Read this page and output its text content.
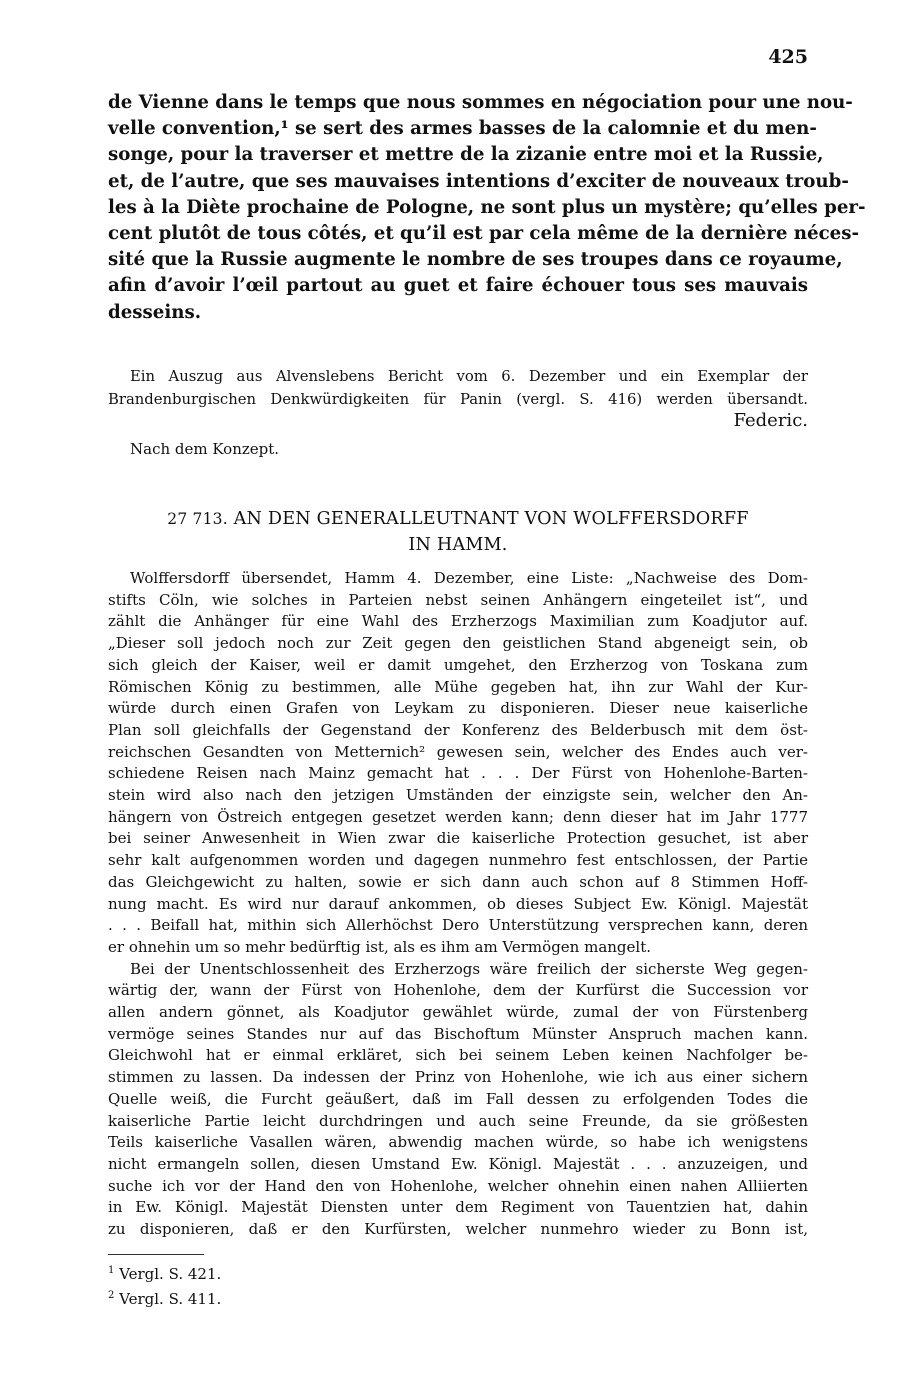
425
de Vienne dans le temps que nous sommes en négociation pour une nou-
velle convention,¹ se sert des armes basses de la calomnie et du men-
songe, pour la traverser et mettre de la zizanie entre moi et la Russie,
et, de l’autre, que ses mauvaises intentions d’exciter de nouveaux troub-
les à la Diète prochaine de Pologne, ne sont plus un mystère; qu’elles per-
cent plutôt de tous côtés, et qu’il est par cela même de la dernière néces-
sité que la Russie augmente le nombre de ses troupes dans ce royaume,
afin d’avoir l’œil partout au guet et faire échouer tous ses mauvais
desseins.
Ein Auszug aus Alvenslebens Bericht vom 6. Dezember und ein Exemplar der
Brandenburgischen Denkwürdigkeiten für Panin (vergl. S. 416) werden übersandt.
Federic.
Nach dem Konzept.
27 713. AN DEN GENERALLEUTNANT VON WOLFFERSDORFF
IN HAMM.
Wolffersdorff übersendet, Hamm 4. Dezember, eine Liste: „Nachweise des Dom-
stifts Cöln, wie solches in Parteien nebst seinen Anhängern eingeteilet ist“, und
zählt die Anhänger für eine Wahl des Erzherzogs Maximilian zum Koadjutor auf.
„Dieser soll jedoch noch zur Zeit gegen den geistlichen Stand abgeneigt sein, ob
sich gleich der Kaiser, weil er damit umgehet, den Erzherzog von Toskana zum
Römischen König zu bestimmen, alle Mühe gegeben hat, ihn zur Wahl der Kur-
würde durch einen Grafen von Leykam zu disponieren. Dieser neue kaiserliche
Plan soll gleichfalls der Gegenstand der Konferenz des Belderbusch mit dem öst-
reichschen Gesandten von Metternich² gewesen sein, welcher des Endes auch ver-
schiedene Reisen nach Mainz gemacht hat . . . Der Fürst von Hohenlohe-Barten-
stein wird also nach den jetzigen Umständen der einzigste sein, welcher den An-
hängern von Östreich entgegen gesetzet werden kann; denn dieser hat im Jahr 1777
bei seiner Anwesenheit in Wien zwar die kaiserliche Protection gesuchet, ist aber
sehr kalt aufgenommen worden und dagegen nunmehro fest entschlossen, der Partie
das Gleichgewicht zu halten, sowie er sich dann auch schon auf 8 Stimmen Hoff-
nung macht. Es wird nur darauf ankommen, ob dieses Subject Ew. Königl. Majestät
. . . Beifall hat, mithin sich Allerhöchst Dero Unterstützung versprechen kann, deren
er ohnehin um so mehr bedürftig ist, als es ihm am Vermögen mangelt.
Bei der Unentschlossenheit des Erzherzogs wäre freilich der sicherste Weg gegen-
wärtig der, wann der Fürst von Hohenlohe, dem der Kurfürst die Succession vor
allen andern gönnet, als Koadjutor gewählet würde, zumal der von Fürstenberg
vermöge seines Standes nur auf das Bischoftum Münster Anspruch machen kann.
Gleichwohl hat er einmal erkläret, sich bei seinem Leben keinen Nachfolger be-
stimmen zu lassen. Da indessen der Prinz von Hohenlohe, wie ich aus einer sichern
Quelle weiß, die Furcht geäußert, daß im Fall dessen zu erfolgenden Todes die
kaiserliche Partie leicht durchdringen und auch seine Freunde, da sie größesten
Teils kaiserliche Vasallen wären, abwendig machen würde, so habe ich wenigstens
nicht ermangeln sollen, diesen Umstand Ew. Königl. Majestät . . . anzuzeigen, und
suche ich vor der Hand den von Hohenlohe, welcher ohnehin einen nahen Alliierten
in Ew. Königl. Majestät Diensten unter dem Regiment von Tauentzien hat, dahin
zu disponieren, daß er den Kurfürsten, welcher nunmehro wieder zu Bonn ist,
$^1$ Vergl. S. 421.
$^2$ Vergl. S. 411.
